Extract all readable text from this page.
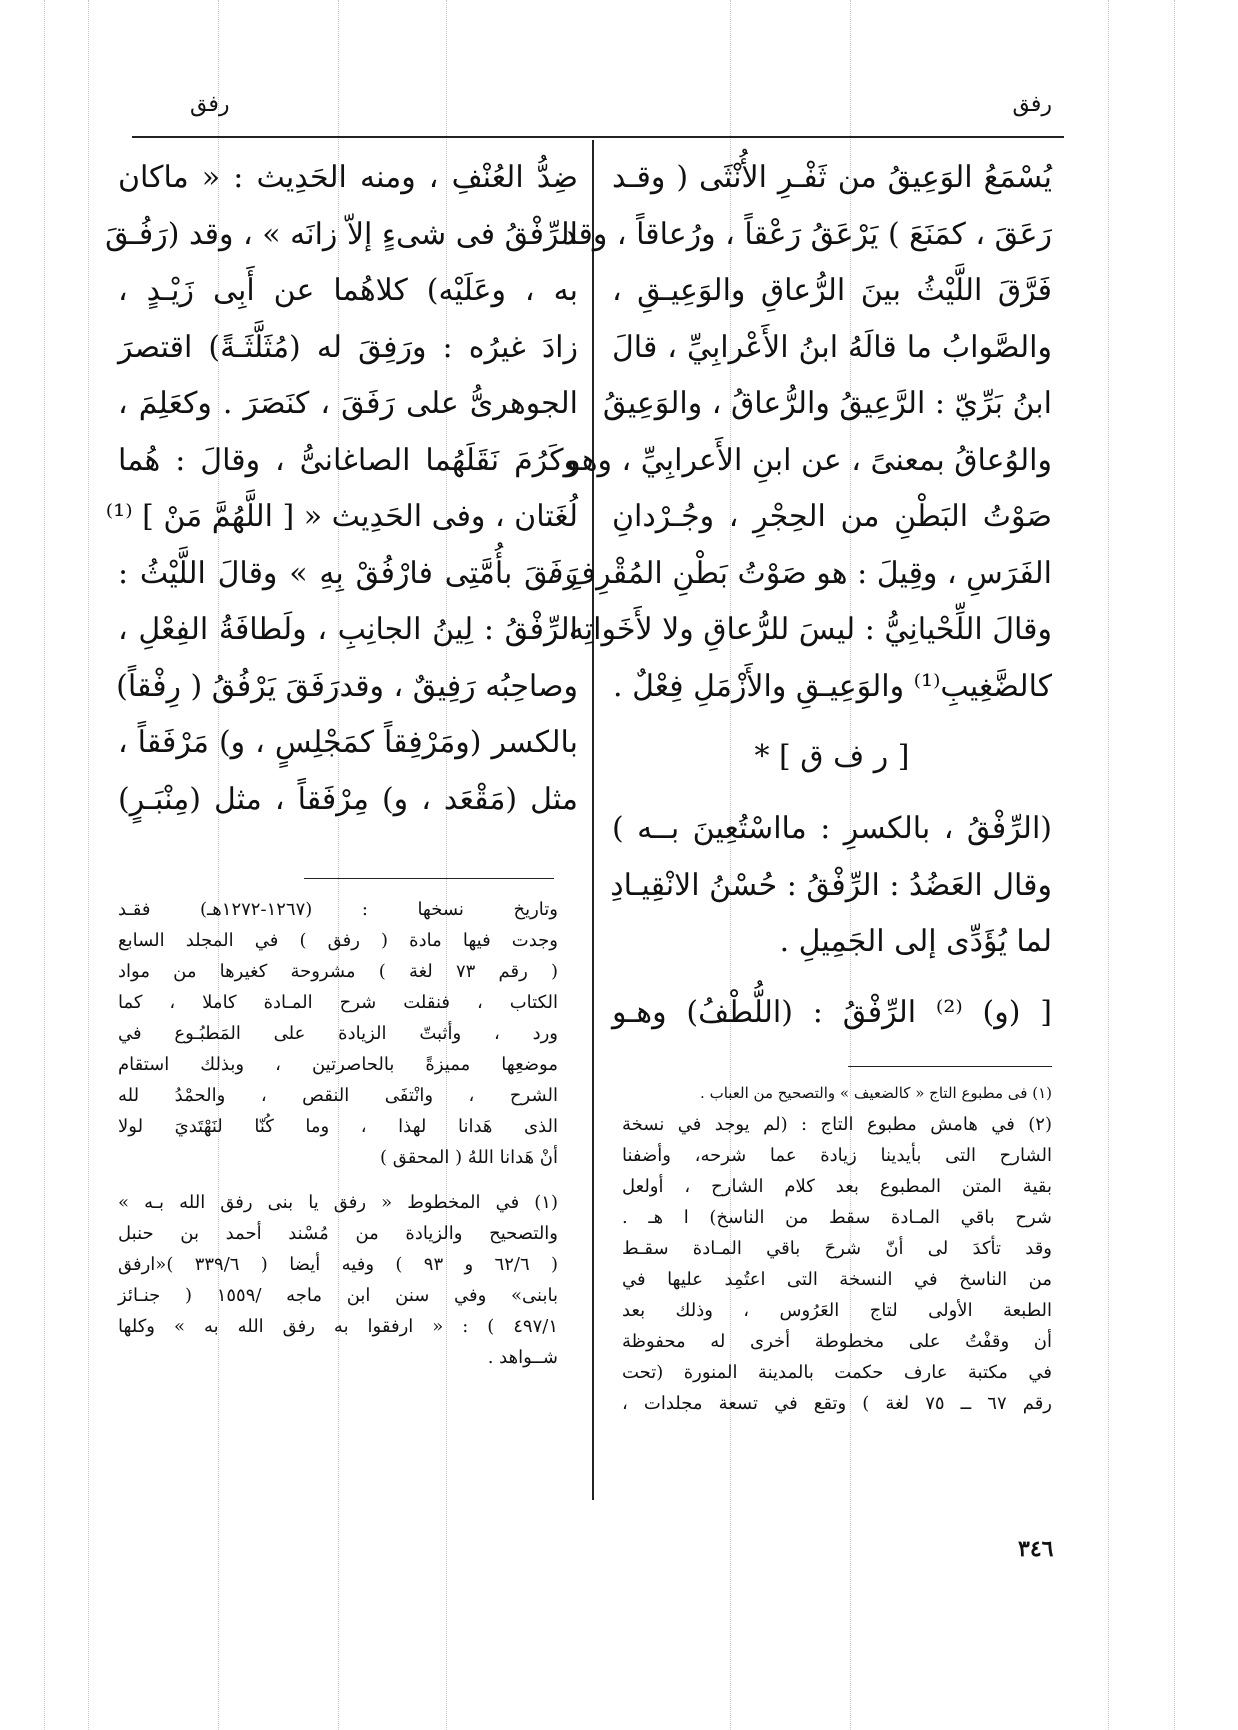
رفق
رفق
يُسْمَعُ الوَعِيقُ من ثَفْـرِ الأُنْثَى ( وقـد
رَعَقَ ، كمَنَعَ ) يَرْعَقُ رَعْقاً ، ورُعاقاً ، وقد
فَرَّقَ اللَّيْثُ بينَ الرُّعاقِ والوَعِيـقِ ،
والصَّوابُ ما قالَهُ ابنُ الأَعْرابِيِّ ، قالَ
ابنُ بَرِّيّ : الرَّعِيقُ والرُّعاقُ ، والوَعِيقُ
والوُعاقُ بمعنىً ، عن ابنِ الأَعرابِيِّ ، وهو
صَوْتُ البَطْنِ من الحِجْرِ ، وجُـرْدانِ
الفَرَسِ ، وقِيلَ : هو صَوْتُ بَطْنِ المُقْرِفِ ،
وقالَ اللِّحْيانِيُّ : ليسَ للرُّعاقِ ولا لأَخَواتِه
كالضَّغِيبِ⁽¹⁾ والوَعِيـقِ والأَزْمَلِ فِعْلٌ .
[ ر ف ق ] *
(الرِّفْقُ ، بالكسرِ : مااسْتُعِينَ بــه )
وقال العَضُدُ : الرِّفْقُ : حُسْنُ الانْقِيـادِ
لما يُؤَدِّى إلى الجَمِيلِ .
[ (و) ⁽²⁾ الرِّفْقُ : (اللُّطْفُ) وهـو
ضِدُّ العُنْفِ ، ومنه الحَدِيث : « ماكان
الرِّفْقُ فى شىءٍ إلاّ زانَه » ، وقد (رَفُـقَ
به ، وعَلَيْه) كلاهُما عن أَبِى زَيْـدٍ ،
زادَ غيرُه : ورَفِقَ له (مُثَلَّثَـةً) اقتصرَ
الجوهرىُّ على رَفَقَ ، كنَصَرَ . وكعَلِمَ ،
وكَرُمَ نَقَلَهُما الصاغانىُّ ، وقالَ : هُما
لُغَتان ، وفى الحَدِيث « [ اللَّهُمَّ مَنْ ] ⁽¹⁾
رَفَقَ بأُمَّتِى فارْفُقْ بِهِ » وقالَ اللَّيْثُ :
الرِّفْقُ : لِينُ الجانِبِ ، ولَطافَةُ الفِعْلِ ،
وصاحِبُه رَفِيقٌ ، وقدرَفَقَ يَرْفُقُ ( رِفْقاً)
بالكسر (ومَرْفِقاً كمَجْلِسٍ ، و) مَرْفَقاً ،
مثل (مَقْعَد ، و) مِرْفَقاً ، مثل (مِنْبَـرٍ)
(١) فى مطبوع التاج « كالضعيف » والتصحيح من العباب .
(٢) في هامش مطبوع التاج : (لم يوجد في نسخة
الشارح التى بأيدينا زيادة عما شرحه، وأضفنا
بقية المتن المطبوع بعد كلام الشارح ، أولعل
شرح باقي المـادة سقط من الناسخ) ا هـ .
وقد تأكدَ لى أنّ شرحَ باقي المـادة سقـط
من الناسخ في النسخة التى اعتُمِد عليها في
الطبعة الأولى لتاج العَرُوس ، وذلك بعد
أن وقفْتُ على مخطوطة أخرى له محفوظة
في مكتبة عارف حكمت بالمدينة المنورة (تحت
رقم ٦٧ ــ ٧٥ لغة ) وتقع في تسعة مجلدات ،
وتاريخ نسخها : (١٢٦٧-١٢٧٢هـ) فقـد
وجدت فيها مادة ( رفق ) في المجلد السابع
( رقم ٧٣ لغة ) مشروحة كغيرها من مواد
الكتاب ، فنقلت شرح المـادة كاملا ، كما
ورد ، وأثبتّ الزيادة على المَطبُـوع في
موضعِها مميزةً بالحاصرتين ، وبذلك استقام
الشرح ، وانْتفَى النقص ، والحمْدُ لله
الذى هَدانا لهذا ، وما كُنّا لنَهْتَديَ لولا
أنْ هَدانا اللهُ ( المحقق )
(١) في المخطوط « رفق يا بنى رفق الله بـه »
والتصحيح والزيادة من مُسْند أحمد بن حنبل
( ٦٢/٦ و ٩٣ ) وفيه أيضا ( ٣٣٩/٦ )«ارفق
بابنى» وفي سنن ابن ماجه /١٥٥٩ ( جنـائز
٤٩٧/١ ) : « ارفقوا به رفق الله به » وكلها
شــواهد .
٣٤٦
